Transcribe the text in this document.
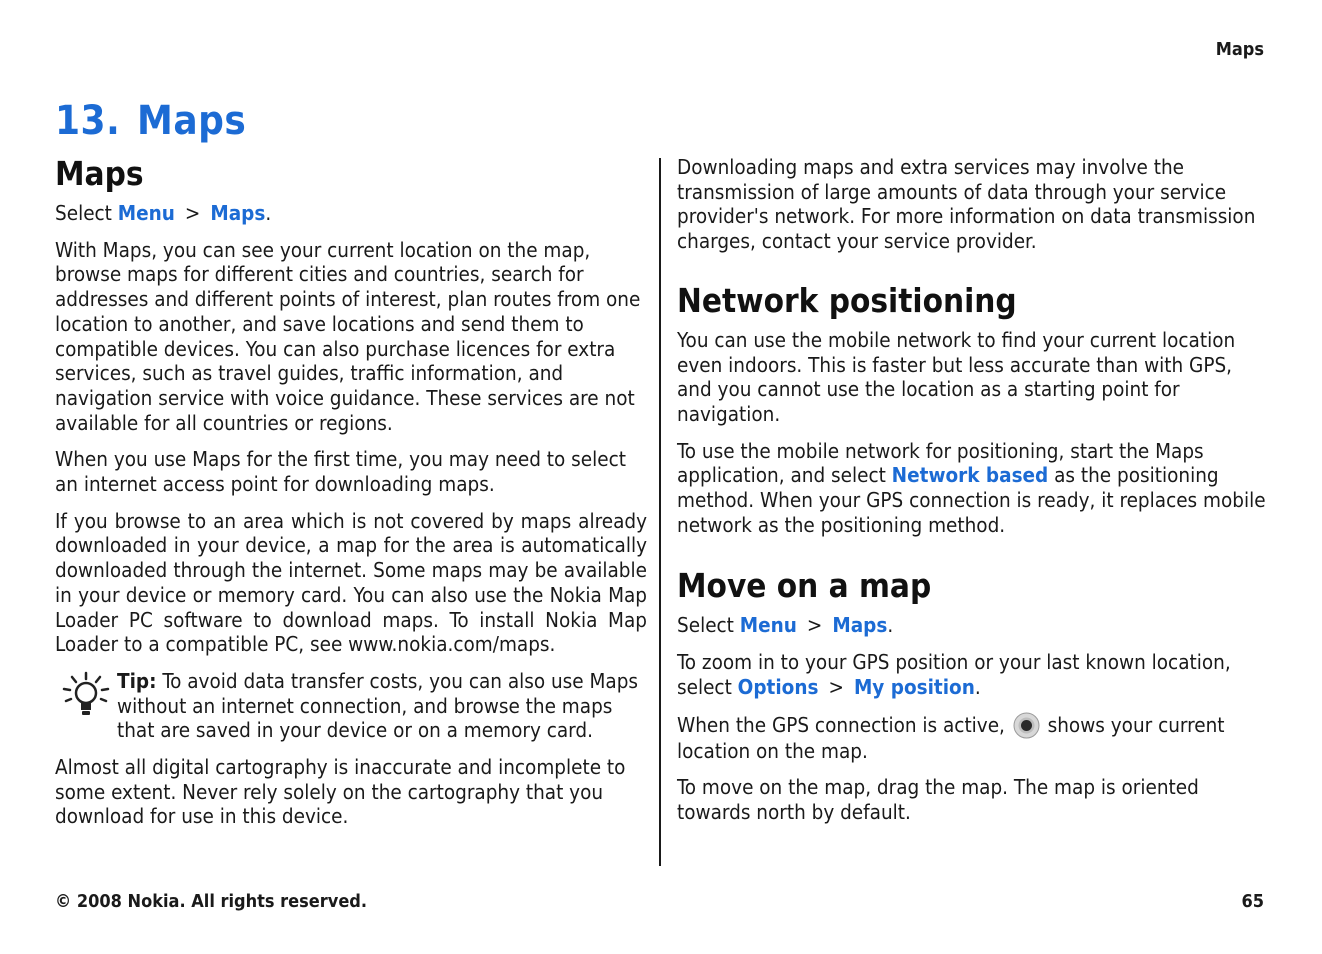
Maps
13. Maps
Maps

Select Menu > Maps.

With Maps, you can see your current location on the map, browse maps for different cities and countries, search for addresses and different points of interest, plan routes from one location to another, and save locations and send them to compatible devices. You can also purchase licences for extra services, such as travel guides, traffic information, and navigation service with voice guidance. These services are not available for all countries or regions.

When you use Maps for the first time, you may need to select an internet access point for downloading maps.

If you browse to an area which is not covered by maps already downloaded in your device, a map for the area is automatically downloaded through the internet. Some maps may be available in your device or memory card. You can also use the Nokia Map Loader PC software to download maps. To install Nokia Map Loader to a compatible PC, see www.nokia.com/maps.

Tip: To avoid data transfer costs, you can also use Maps without an internet connection, and browse the maps that are saved in your device or on a memory card.

Almost all digital cartography is inaccurate and incomplete to some extent. Never rely solely on the cartography that you download for use in this device.

Downloading maps and extra services may involve the transmission of large amounts of data through your service provider's network. For more information on data transmission charges, contact your service provider.

Network positioning

You can use the mobile network to find your current location even indoors. This is faster but less accurate than with GPS, and you cannot use the location as a starting point for navigation.

To use the mobile network for positioning, start the Maps application, and select Network based as the positioning method. When your GPS connection is ready, it replaces mobile network as the positioning method.

Move on a map

Select Menu > Maps.

To zoom in to your GPS position or your last known location, select Options > My position.

When the GPS connection is active,  shows your current location on the map.

To move on the map, drag the map. The map is oriented towards north by default.

© 2008 Nokia. All rights reserved.	65
